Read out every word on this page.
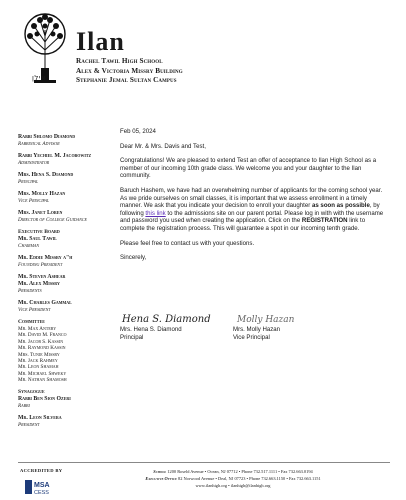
אילן
Ilan
Rachel Tawil High School
Alex & Victoria Missry Building
Stephanie Jemal Sultan Campus
Rabbi Shlomo Diamond
Rabbinical Advisor
Rabbi Yechiel M. Jacobowitz
Administrator
Mrs. Hena S. Diamond
Principal
Mrs. Molly Hazan
Vice Principal
Mrs. Janet Loren
Director of College Guidance
Executive Board
Mr. Saul Tawil
Chairman
Mr. Eddie Missry a"h
Founding President
Mr. Steven Ashear
Mr. Alex Missry
Presidents
Mr. Charles Gammal
Vice President
Committee
Mr. Max Antery
Mr. David M. Franco
Mr. Jacob S. Kassin
Mr. Raymond Kassin
Mrs. Tunie Missry
Mr. Jack Rahmey
Mr. Leon Shamah
Mr. Michael Shweky
Mr. Nathan Shamosh
Synagogue
Rabbi Ben Sion Ozeri
Rabbi
Mr. Leon Silvera
President

Feb 05, 2024

Dear Mr. & Mrs. Davis and Test,

Congratulations! We are pleased to extend Test an offer of acceptance to Ilan High School as a member of our incoming 10th grade class. We welcome you and your daughter to the Ilan community.

Baruch Hashem, we have had an overwhelming number of applicants for the coming school year. As we pride ourselves on small classes, it is important that we assess enrollment in a timely manner. We ask that you indicate your decision to enroll your daughter as soon as possible, by following this link to the admissions site on our parent portal. Please log in with with the username and password you used when creating the application. Click on the REGISTRATION link to complete the registration process. This will guarantee a spot in our incoming tenth grade.

Please feel free to contact us with your questions.

Sincerely,

Hena S. Diamond
Mrs. Hena S. Diamond
Principal
Molly Hazan
Mrs. Molly Hazan
Vice Principal
ACCREDITED BY
MSA
CESS
School 1200 Roseld Avenue • Ocean, NJ 07712 • Phone 732.517.1111 • Fax 732.663.0194
Executive Office 82 Norwood Avenue • Deal, NJ 07723 • Phone 732.663.1150 • Fax 732.663.1151
www.ilanhigh.org • ilanhigh@ilanhigh.org
